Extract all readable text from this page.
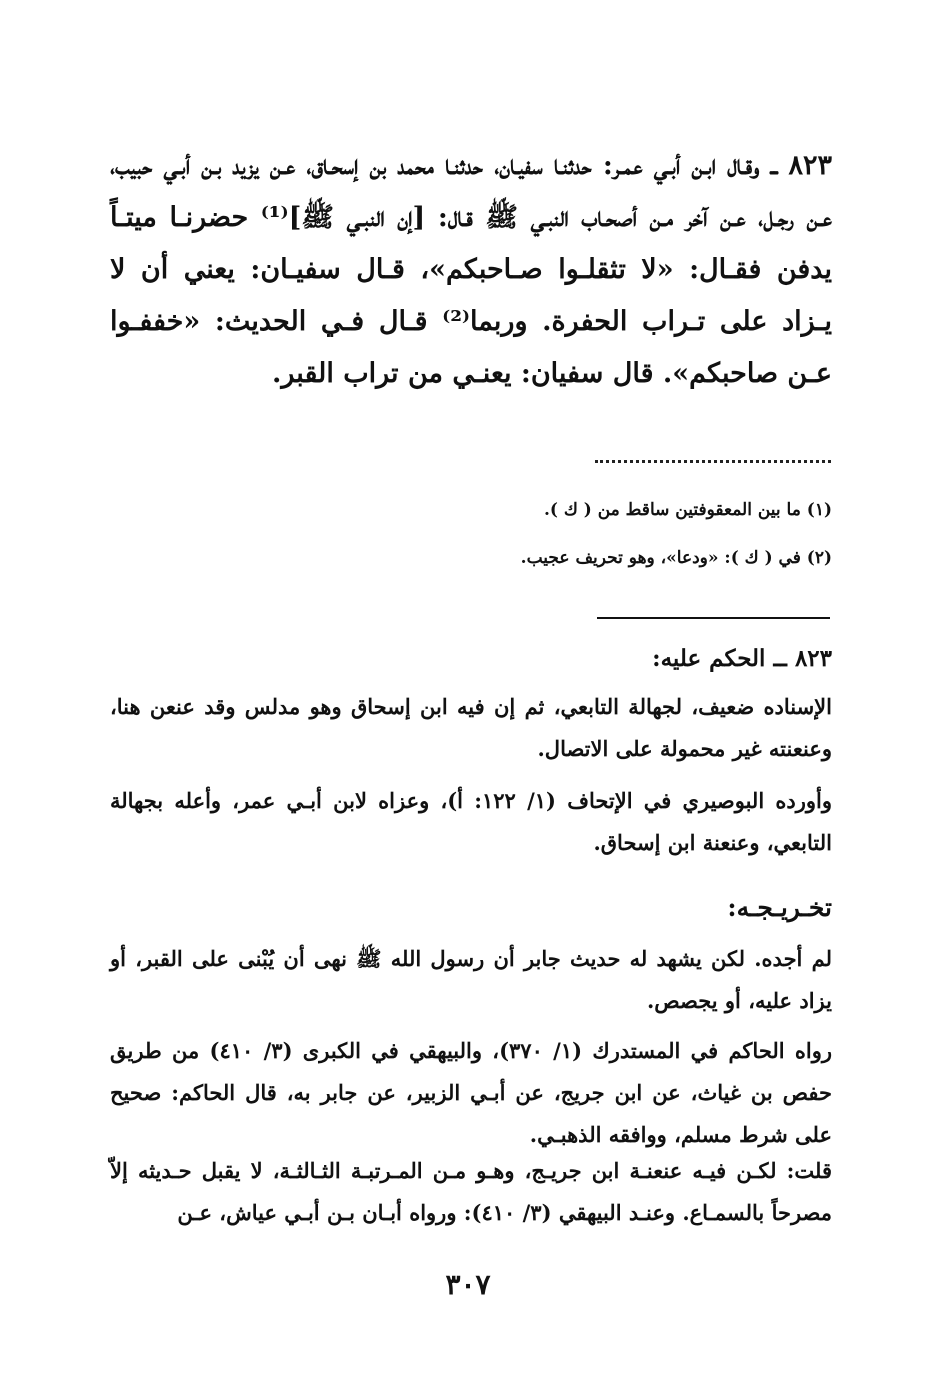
٨٢٣ ــ وقـال ابـن أبـي عمـر: حدثنـا سفيـان، حدثنـا محمد بن إسحـاق، عـن يزيد بـن أبـي حبيب، عـن رجـل، عـن آخر مـن أصحـاب النبـي ﷺ قـال: [إن النبـي ﷺ]⁽¹⁾ حضرنـا ميتـاً يدفن فقـال: «لا تثقلـوا صـاحبكم»، قـال سفيـان: يعني أن لا يـزاد على تـراب الحفرة. وربما⁽²⁾ قـال فـي الحديث: «خففـوا عـن صاحبكم». قال سفيان: يعنـي من تراب القبر.
(١) ما بين المعقوفتين ساقط من ( ك ).
(٢) في ( ك ): «ودعا»، وهو تحريف عجيب.
٨٢٣ ــ الحكم عليه:
الإسناده ضعيف، لجهالة التابعي، ثم إن فيه ابن إسحاق وهو مدلس وقد عنعن هنا، وعنعنته غير محمولة على الاتصال.
وأورده البوصيري في الإتحاف (١/ ١٢٢: أ)، وعزاه لابن أبـي عمر، وأعله بجهالة التابعي، وعنعنة ابن إسحاق.
تخـريـجـه:
لم أجده. لكن يشهد له حديث جابر أن رسول الله ﷺ نهى أن يُبْنى على القبر، أو يزاد عليه، أو يجصص.
رواه الحاكم في المستدرك (١/ ٣٧٠)، والبيهقي في الكبرى (٣/ ٤١٠) من طريق حفص بن غياث، عن ابن جريج، عن أبـي الزبير، عن جابر به، قال الحاكم: صحيح على شرط مسلم، ووافقه الذهبـي.
قلت: لكـن فيـه عنعنـة ابن جريـج، وهـو مـن المـرتبـة الثـالثـة، لا يقبل حـديثه إلاّ مصرحاً بالسمـاع. وعنـد البيهقي (٣/ ٤١٠): ورواه أبـان بـن أبـي عياش، عـن
٣٠٧
